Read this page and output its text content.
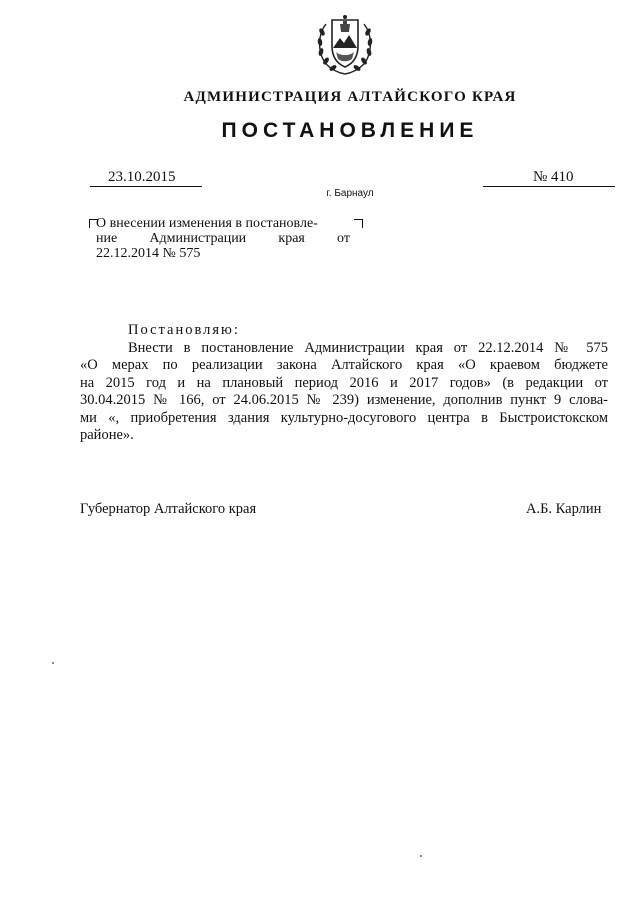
АДМИНИСТРАЦИЯ АЛТАЙСКОГО КРАЯ
ПОСТАНОВЛЕНИЕ
23.10.2015	№ 410
г. Барнаул
О внесении изменения в постановле-
ние Администрации края от
22.12.2014 № 575
Постановляю:
Внести в постановление Администрации края от 22.12.2014 № 575
«О мерах по реализации закона Алтайского края «О краевом бюджете
на 2015 год и на плановый период 2016 и 2017 годов» (в редакции от
30.04.2015 № 166, от 24.06.2015 № 239) изменение, дополнив пункт 9 слова-
ми «, приобретения здания культурно-досугового центра в Быстроистокском
районе».
Губернатор Алтайского края	А.Б. Карлин
